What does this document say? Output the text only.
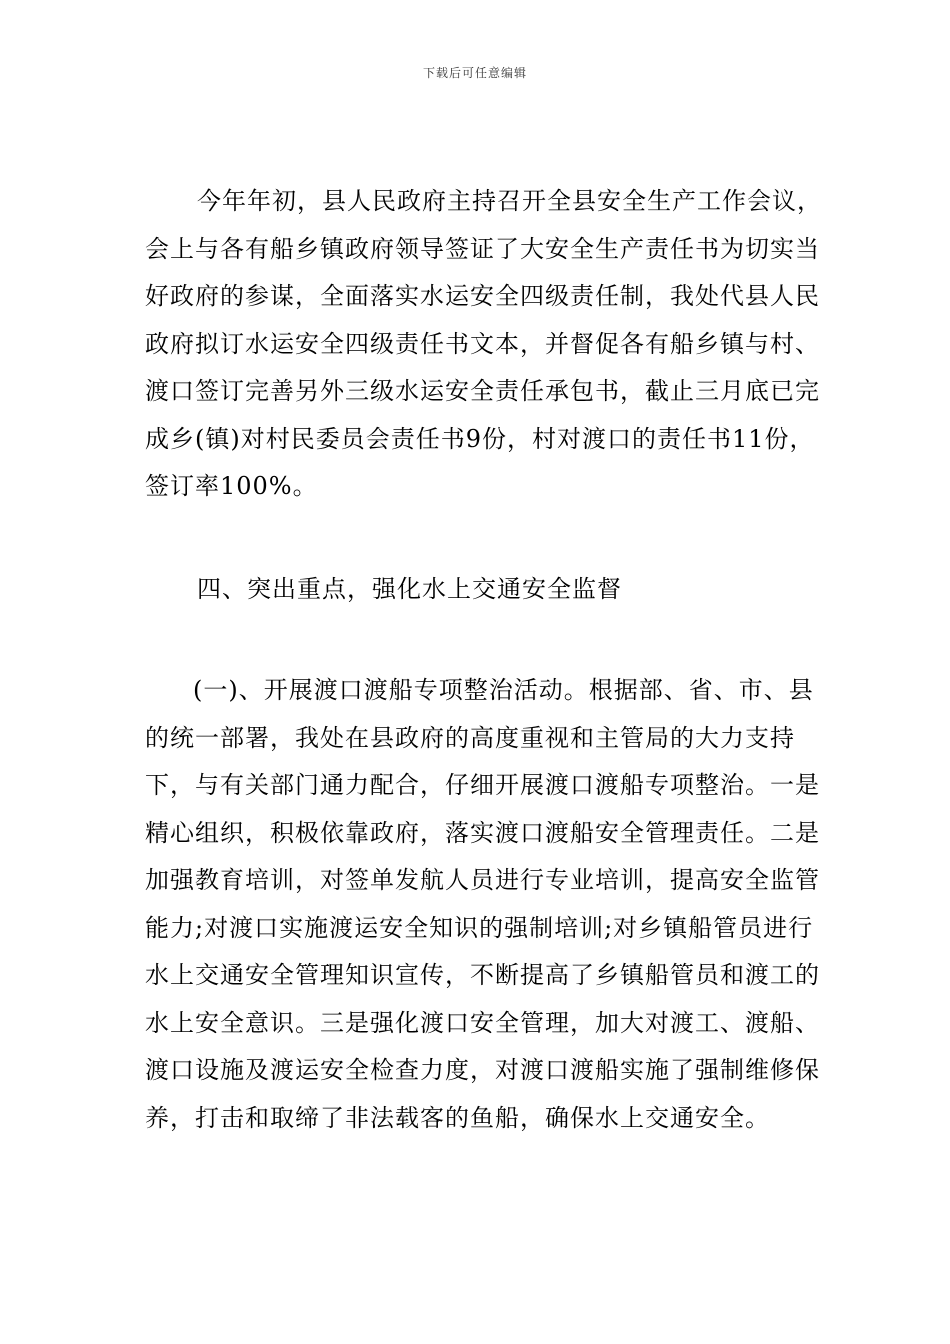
下载后可任意编辑

今年年初，县人民政府主持召开全县安全生产工作会议，会上与各有船乡镇政府领导签证了大安全生产责任书为切实当好政府的参谋，全面落实水运安全四级责任制，我处代县人民政府拟订水运安全四级责任书文本，并督促各有船乡镇与村、渡口签订完善另外三级水运安全责任承包书，截止三月底已完成乡(镇)对村民委员会责任书9份，村对渡口的责任书11份，签订率100%。

四、突出重点，强化水上交通安全监督

(一)、开展渡口渡船专项整治活动。根据部、省、市、县的统一部署，我处在县政府的高度重视和主管局的大力支持下，与有关部门通力配合，仔细开展渡口渡船专项整治。一是精心组织，积极依靠政府，落实渡口渡船安全管理责任。二是加强教育培训，对签单发航人员进行专业培训，提高安全监管能力;对渡口实施渡运安全知识的强制培训;对乡镇船管员进行水上交通安全管理知识宣传，不断提高了乡镇船管员和渡工的水上安全意识。三是强化渡口安全管理，加大对渡工、渡船、渡口设施及渡运安全检查力度，对渡口渡船实施了强制维修保养，打击和取缔了非法载客的鱼船，确保水上交通安全。
